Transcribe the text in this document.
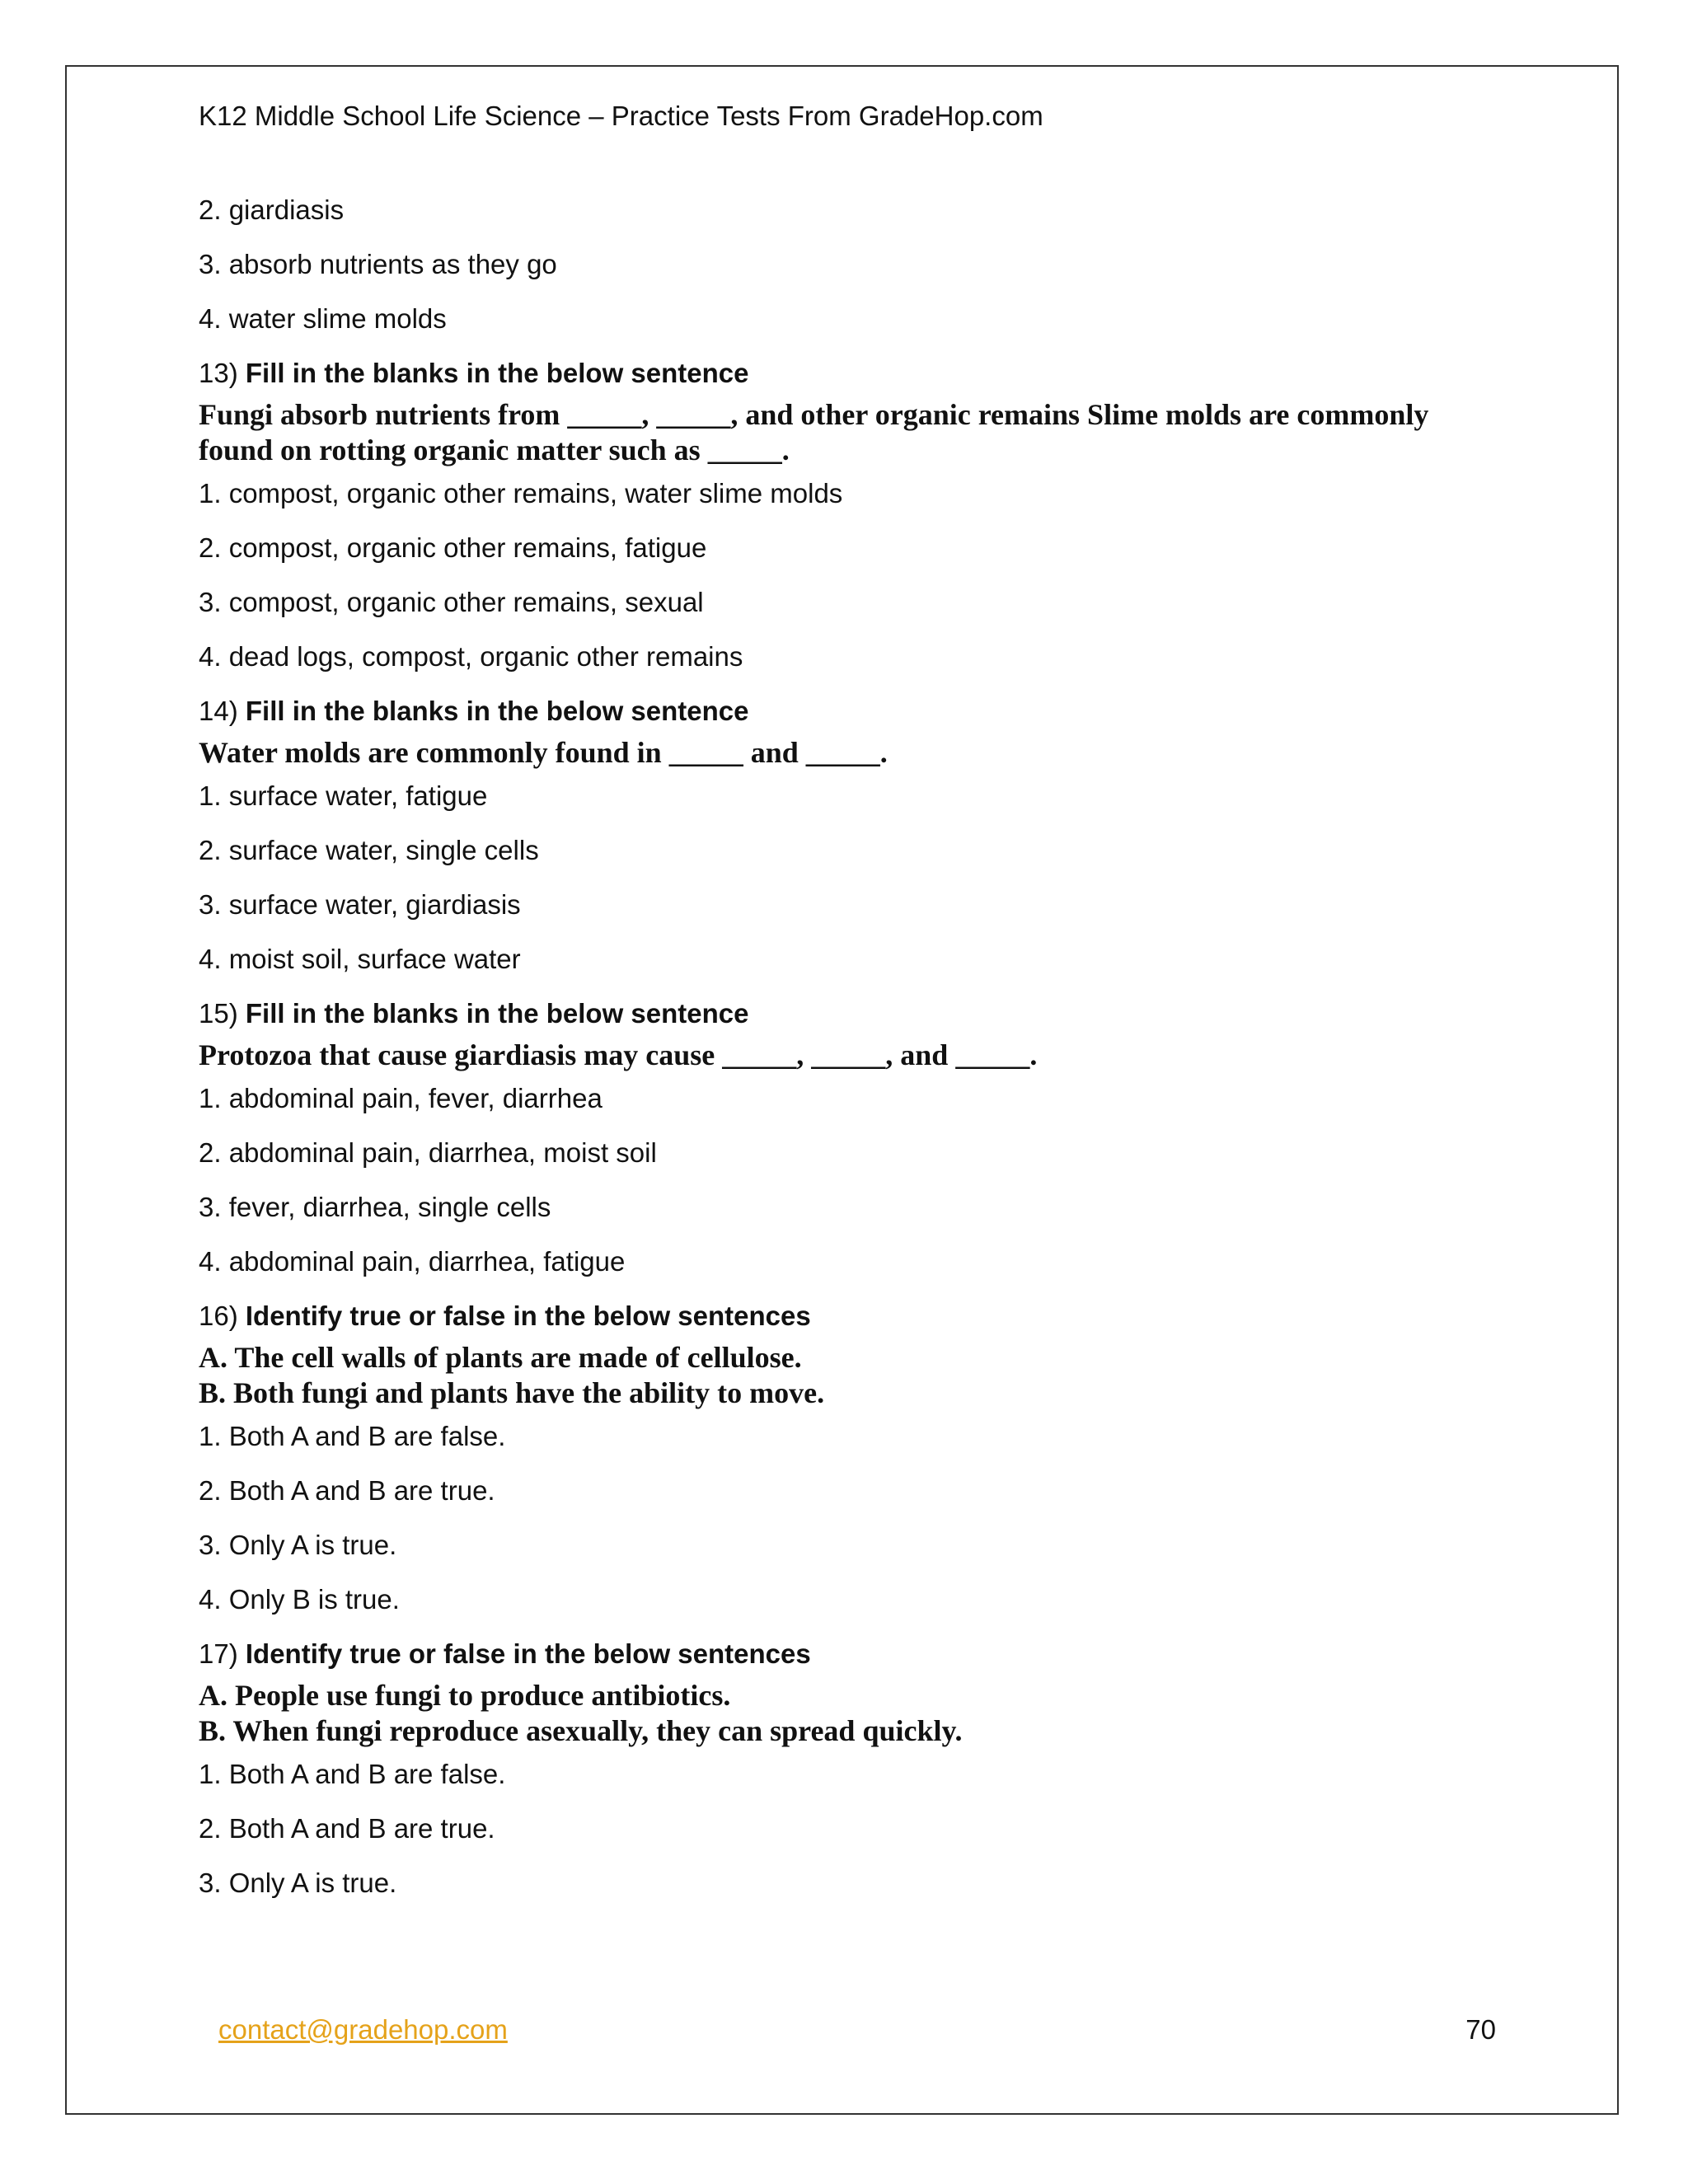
K12 Middle School Life Science – Practice Tests From GradeHop.com
2. giardiasis
3. absorb nutrients as they go
4. water slime molds
13) Fill in the blanks in the below sentence
Fungi absorb nutrients from _____, _____, and other organic remains Slime molds are commonly
found on rotting organic matter such as _____.
1. compost, organic other remains, water slime molds
2. compost, organic other remains, fatigue
3. compost, organic other remains, sexual
4. dead logs, compost, organic other remains
14) Fill in the blanks in the below sentence
Water molds are commonly found in _____ and _____.
1. surface water, fatigue
2. surface water, single cells
3. surface water, giardiasis
4. moist soil, surface water
15) Fill in the blanks in the below sentence
Protozoa that cause giardiasis may cause _____, _____, and _____.
1. abdominal pain, fever, diarrhea
2. abdominal pain, diarrhea, moist soil
3. fever, diarrhea, single cells
4. abdominal pain, diarrhea, fatigue
16) Identify true or false in the below sentences
A. The cell walls of plants are made of cellulose.
B. Both fungi and plants have the ability to move.
1. Both A and B are false.
2. Both A and B are true.
3. Only A is true.
4. Only B is true.
17) Identify true or false in the below sentences
A. People use fungi to produce antibiotics.
B. When fungi reproduce asexually, they can spread quickly.
1. Both A and B are false.
2. Both A and B are true.
3. Only A is true.
contact@gradehop.com	70
